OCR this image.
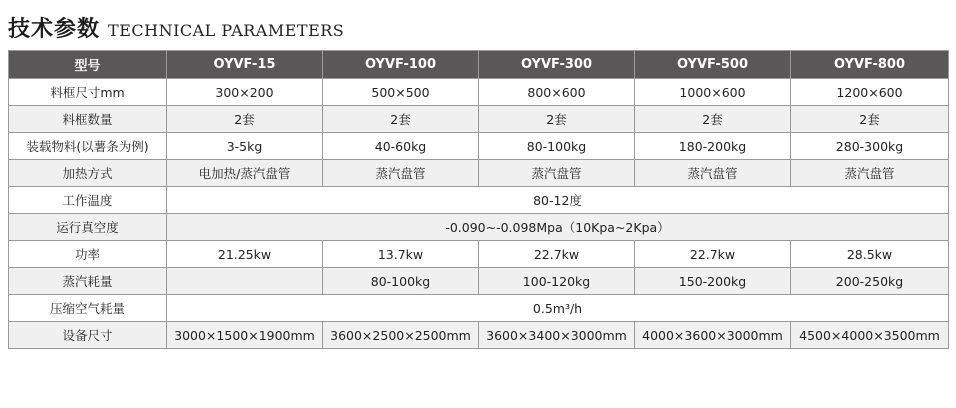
技术参数 TECHNICAL PARAMETERS
型号	OYVF-15	OYVF-100	OYVF-300	OYVF-500	OYVF-800
料框尺寸mm	300×200	500×500	800×600	1000×600	1200×600
料框数量	2套	2套	2套	2套	2套
装载物料(以薯条为例)	3-5kg	40-60kg	80-100kg	180-200kg	280-300kg
加热方式	电加热/蒸汽盘管	蒸汽盘管	蒸汽盘管	蒸汽盘管	蒸汽盘管
工作温度	80-12度				
运行真空度	-0.090~-0.098Mpa（10Kpa~2Kpa）				
功率	21.25kw	13.7kw	22.7kw	22.7kw	28.5kw
蒸汽耗量		80-100kg	100-120kg	150-200kg	200-250kg
压缩空气耗量	0.5m³/h				
设备尺寸	3000×1500×1900mm	3600×2500×2500mm	3600×3400×3000mm	4000×3600×3000mm	4500×4000×3500mm
